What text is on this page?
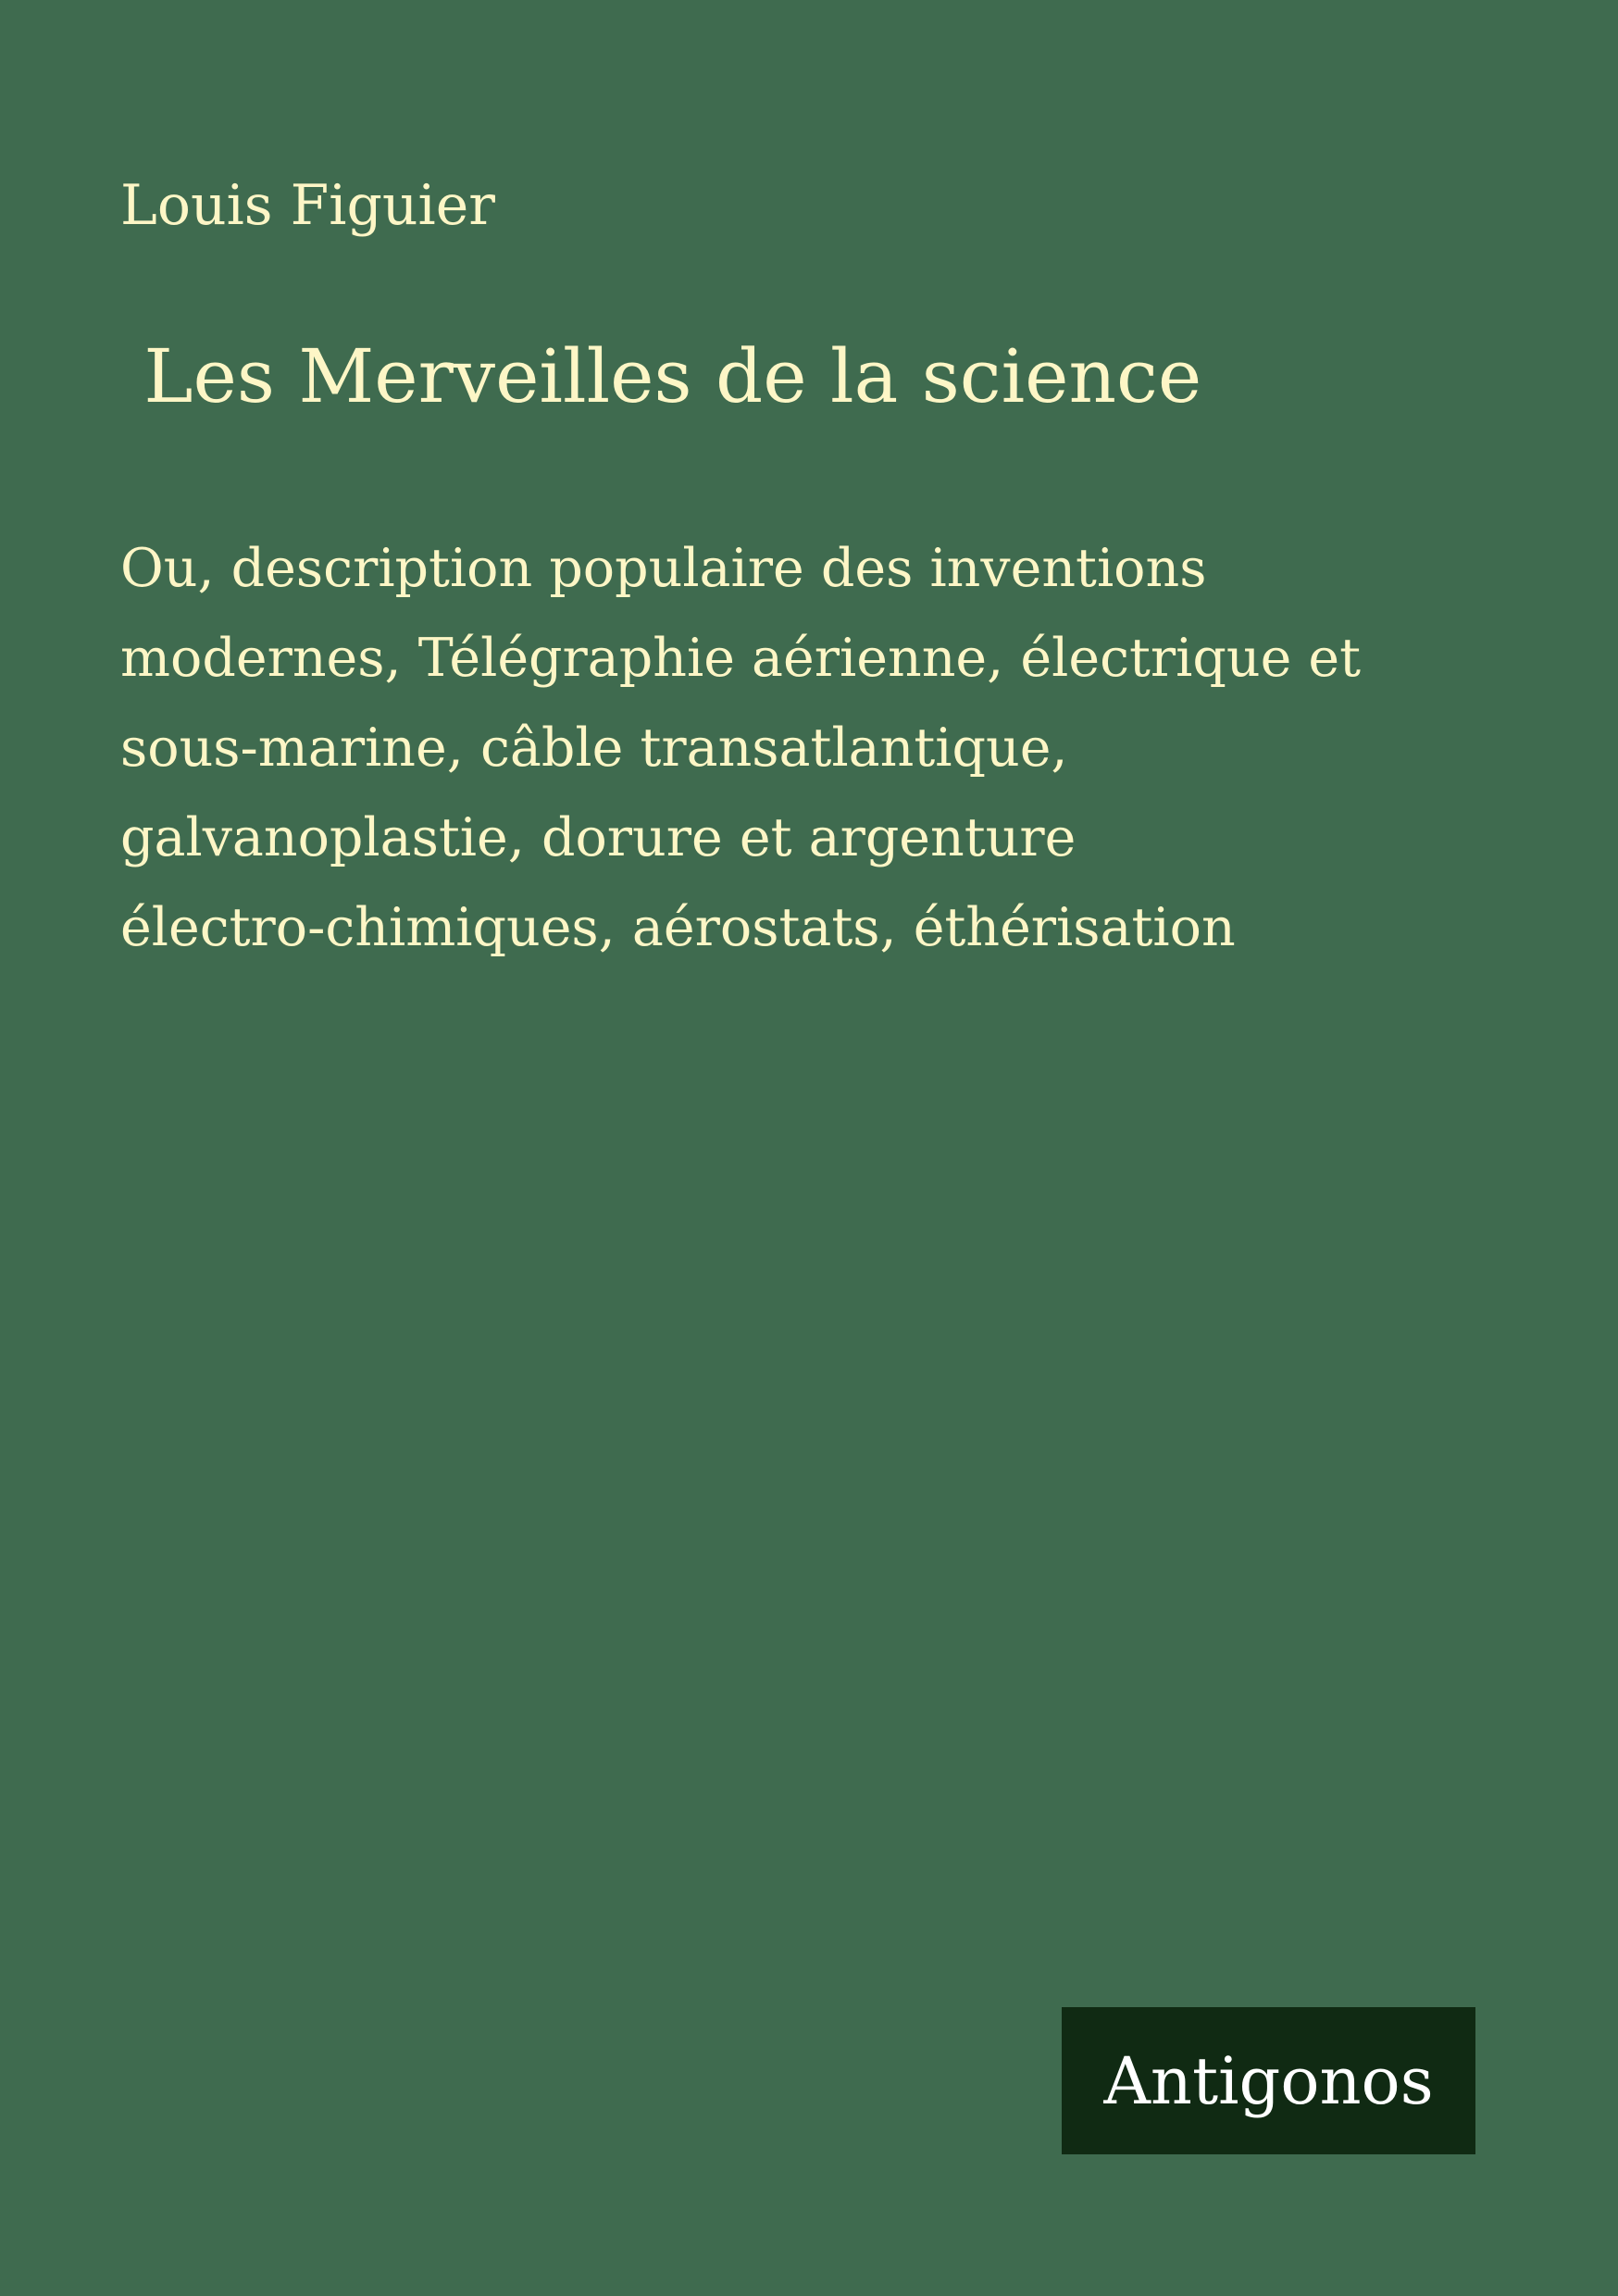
Louis Figuier
Les Merveilles de la science
Ou, description populaire des inventions
modernes, Télégraphie aérienne, électrique et
sous-marine, câble transatlantique,
galvanoplastie, dorure et argenture
électro-chimiques, aérostats, éthérisation
Antigonos
